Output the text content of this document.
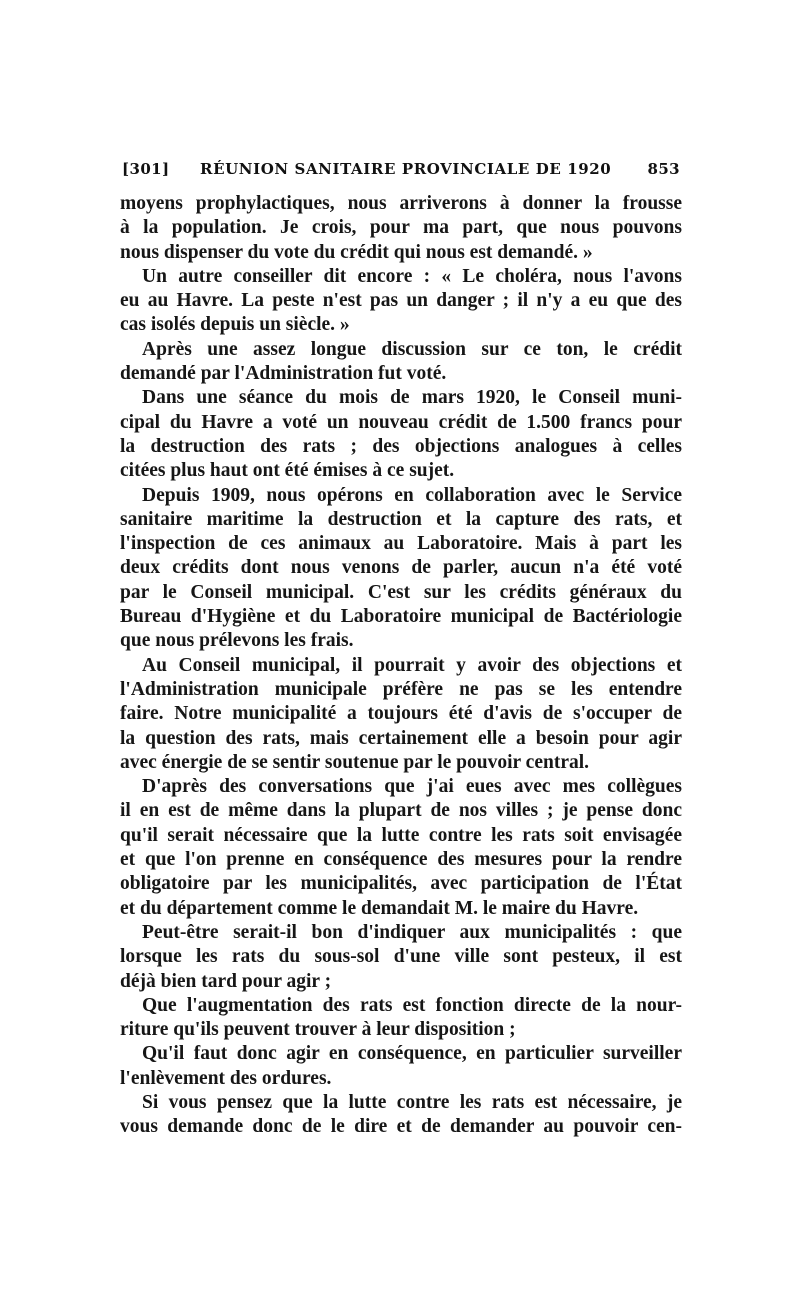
[301] RÉUNION SANITAIRE PROVINCIALE DE 1920 853
moyens prophylactiques, nous arriverons à donner la frousse
à la population. Je crois, pour ma part, que nous pouvons
nous dispenser du vote du crédit qui nous est demandé. »
Un autre conseiller dit encore : « Le choléra, nous l'avons
eu au Havre. La peste n'est pas un danger ; il n'y a eu que des
cas isolés depuis un siècle. »
Après une assez longue discussion sur ce ton, le crédit
demandé par l'Administration fut voté.
Dans une séance du mois de mars 1920, le Conseil muni-
cipal du Havre a voté un nouveau crédit de 1.500 francs pour
la destruction des rats ; des objections analogues à celles
citées plus haut ont été émises à ce sujet.
Depuis 1909, nous opérons en collaboration avec le Service
sanitaire maritime la destruction et la capture des rats, et
l'inspection de ces animaux au Laboratoire. Mais à part les
deux crédits dont nous venons de parler, aucun n'a été voté
par le Conseil municipal. C'est sur les crédits généraux du
Bureau d'Hygiène et du Laboratoire municipal de Bactériologie
que nous prélevons les frais.
Au Conseil municipal, il pourrait y avoir des objections et
l'Administration municipale préfère ne pas se les entendre
faire. Notre municipalité a toujours été d'avis de s'occuper de
la question des rats, mais certainement elle a besoin pour agir
avec énergie de se sentir soutenue par le pouvoir central.
D'après des conversations que j'ai eues avec mes collègues
il en est de même dans la plupart de nos villes ; je pense donc
qu'il serait nécessaire que la lutte contre les rats soit envisagée
et que l'on prenne en conséquence des mesures pour la rendre
obligatoire par les municipalités, avec participation de l'État
et du département comme le demandait M. le maire du Havre.
Peut-être serait-il bon d'indiquer aux municipalités : que
lorsque les rats du sous-sol d'une ville sont pesteux, il est
déjà bien tard pour agir ;
Que l'augmentation des rats est fonction directe de la nour-
riture qu'ils peuvent trouver à leur disposition ;
Qu'il faut donc agir en conséquence, en particulier surveiller
l'enlèvement des ordures.
Si vous pensez que la lutte contre les rats est nécessaire, je
vous demande donc de le dire et de demander au pouvoir cen-
